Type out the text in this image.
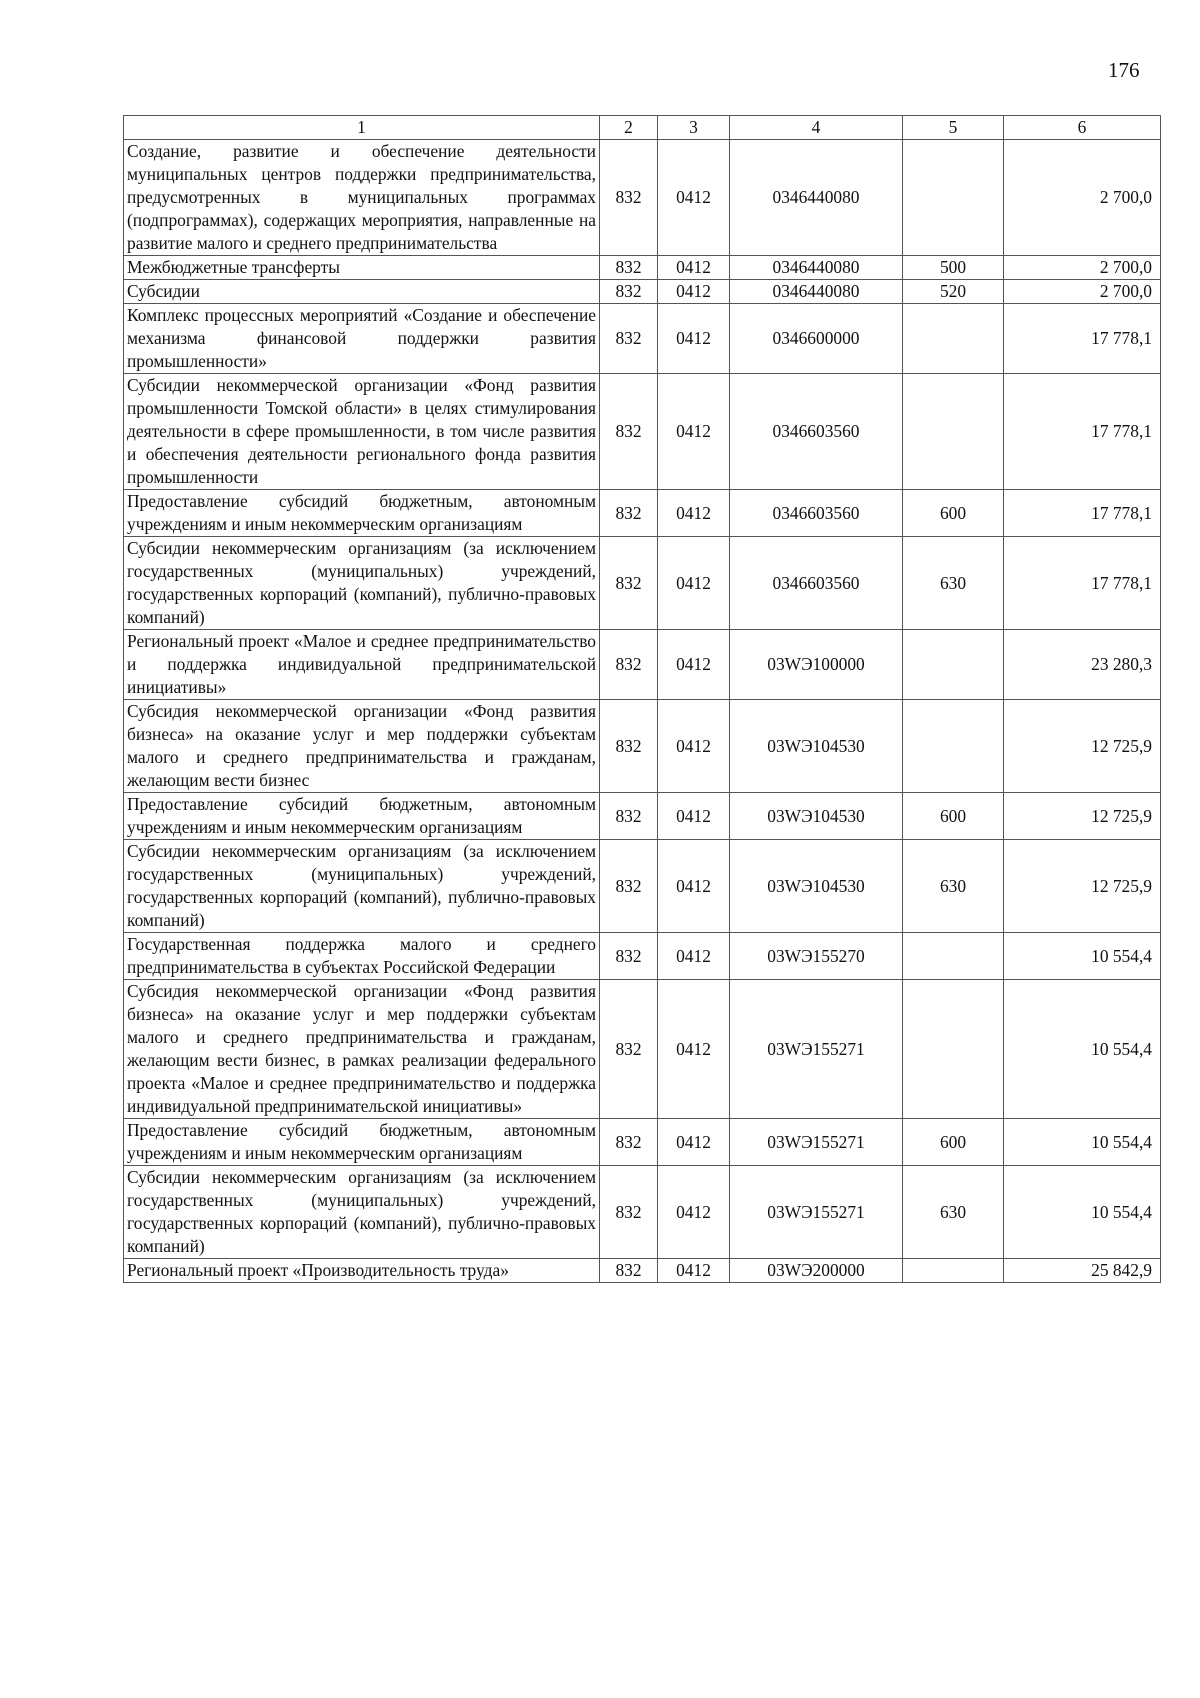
176
1	2	3	4	5	6
Создание, развитие и обеспечение деятельности муниципальных центров поддержки предпринимательства, предусмотренных в муниципальных программах (подпрограммах), содержащих мероприятия, направленные на развитие малого и среднего предпринимательства	832	0412	0346440080		2 700,0
Межбюджетные трансферты	832	0412	0346440080	500	2 700,0
Субсидии	832	0412	0346440080	520	2 700,0
Комплекс процессных мероприятий «Создание и обеспечение механизма финансовой поддержки развития промышленности»	832	0412	0346600000		17 778,1
Субсидии некоммерческой организации «Фонд развития промышленности Томской области» в целях стимулирования деятельности в сфере промышленности, в том числе развития и обеспечения деятельности регионального фонда развития промышленности	832	0412	0346603560		17 778,1
Предоставление субсидий бюджетным, автономным учреждениям и иным некоммерческим организациям	832	0412	0346603560	600	17 778,1
Субсидии некоммерческим организациям (за исключением государственных (муниципальных) учреждений, государственных корпораций (компаний), публично-правовых компаний)	832	0412	0346603560	630	17 778,1
Региональный проект «Малое и среднее предпринимательство и поддержка индивидуальной предпринимательской инициативы»	832	0412	03WЭ100000		23 280,3
Субсидия некоммерческой организации «Фонд развития бизнеса» на оказание услуг и мер поддержки субъектам малого и среднего предпринимательства и гражданам, желающим вести бизнес	832	0412	03WЭ104530		12 725,9
Предоставление субсидий бюджетным, автономным учреждениям и иным некоммерческим организациям	832	0412	03WЭ104530	600	12 725,9
Субсидии некоммерческим организациям (за исключением государственных (муниципальных) учреждений, государственных корпораций (компаний), публично-правовых компаний)	832	0412	03WЭ104530	630	12 725,9
Государственная поддержка малого и среднего предпринимательства в субъектах Российской Федерации	832	0412	03WЭ155270		10 554,4
Субсидия некоммерческой организации «Фонд развития бизнеса» на оказание услуг и мер поддержки субъектам малого и среднего предпринимательства и гражданам, желающим вести бизнес, в рамках реализации федерального проекта «Малое и среднее предпринимательство и поддержка индивидуальной предпринимательской инициативы»	832	0412	03WЭ155271		10 554,4
Предоставление субсидий бюджетным, автономным учреждениям и иным некоммерческим организациям	832	0412	03WЭ155271	600	10 554,4
Субсидии некоммерческим организациям (за исключением государственных (муниципальных) учреждений, государственных корпораций (компаний), публично-правовых компаний)	832	0412	03WЭ155271	630	10 554,4
Региональный проект «Производительность труда»	832	0412	03WЭ200000		25 842,9
